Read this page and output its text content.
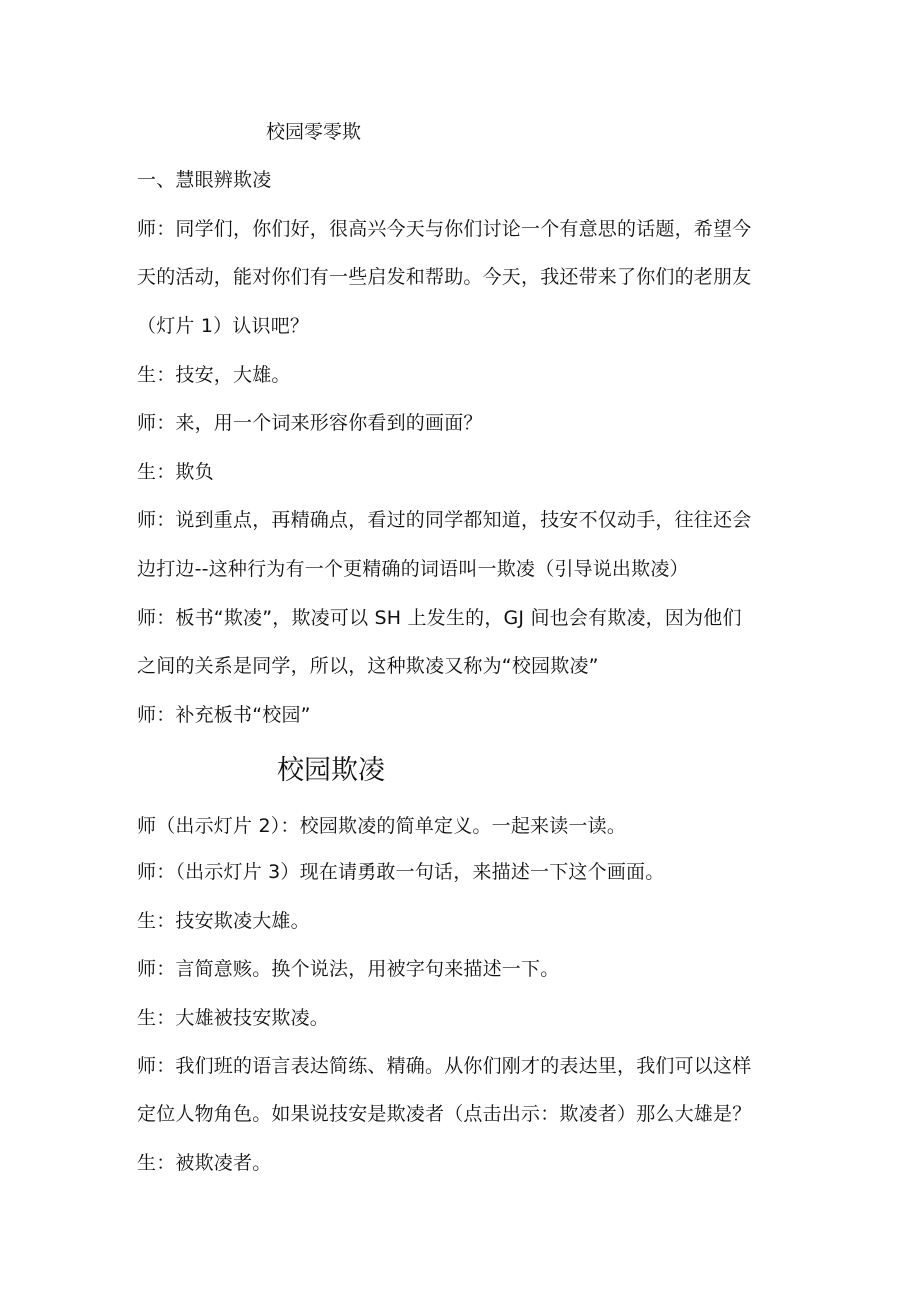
校园零零欺
一、慧眼辨欺凌
师：同学们，你们好，很高兴今天与你们讨论一个有意思的话题，希望今
天的活动，能对你们有一些启发和帮助。今天，我还带来了你们的老朋友
（灯片 1）认识吧？
生：技安，大雄。
师：来，用一个词来形容你看到的画面？
生：欺负
师：说到重点，再精确点，看过的同学都知道，技安不仅动手，往往还会
边打边--这种行为有一个更精确的词语叫一欺凌（引导说出欺凌）
师：板书“欺凌”，欺凌可以 SH 上发生的，GJ 间也会有欺凌，因为他们
之间的关系是同学，所以，这种欺凌又称为“校园欺凌”
师：补充板书“校园”
校园欺凌
师（出示灯片 2）：校园欺凌的简单定义。一起来读一读。
师：（出示灯片 3）现在请勇敢一句话，来描述一下这个画面。
生：技安欺凌大雄。
师：言简意赅。换个说法，用被字句来描述一下。
生：大雄被技安欺凌。
师：我们班的语言表达简练、精确。从你们刚才的表达里，我们可以这样
定位人物角色。如果说技安是欺凌者（点击出示：欺凌者）那么大雄是？
生：被欺凌者。
